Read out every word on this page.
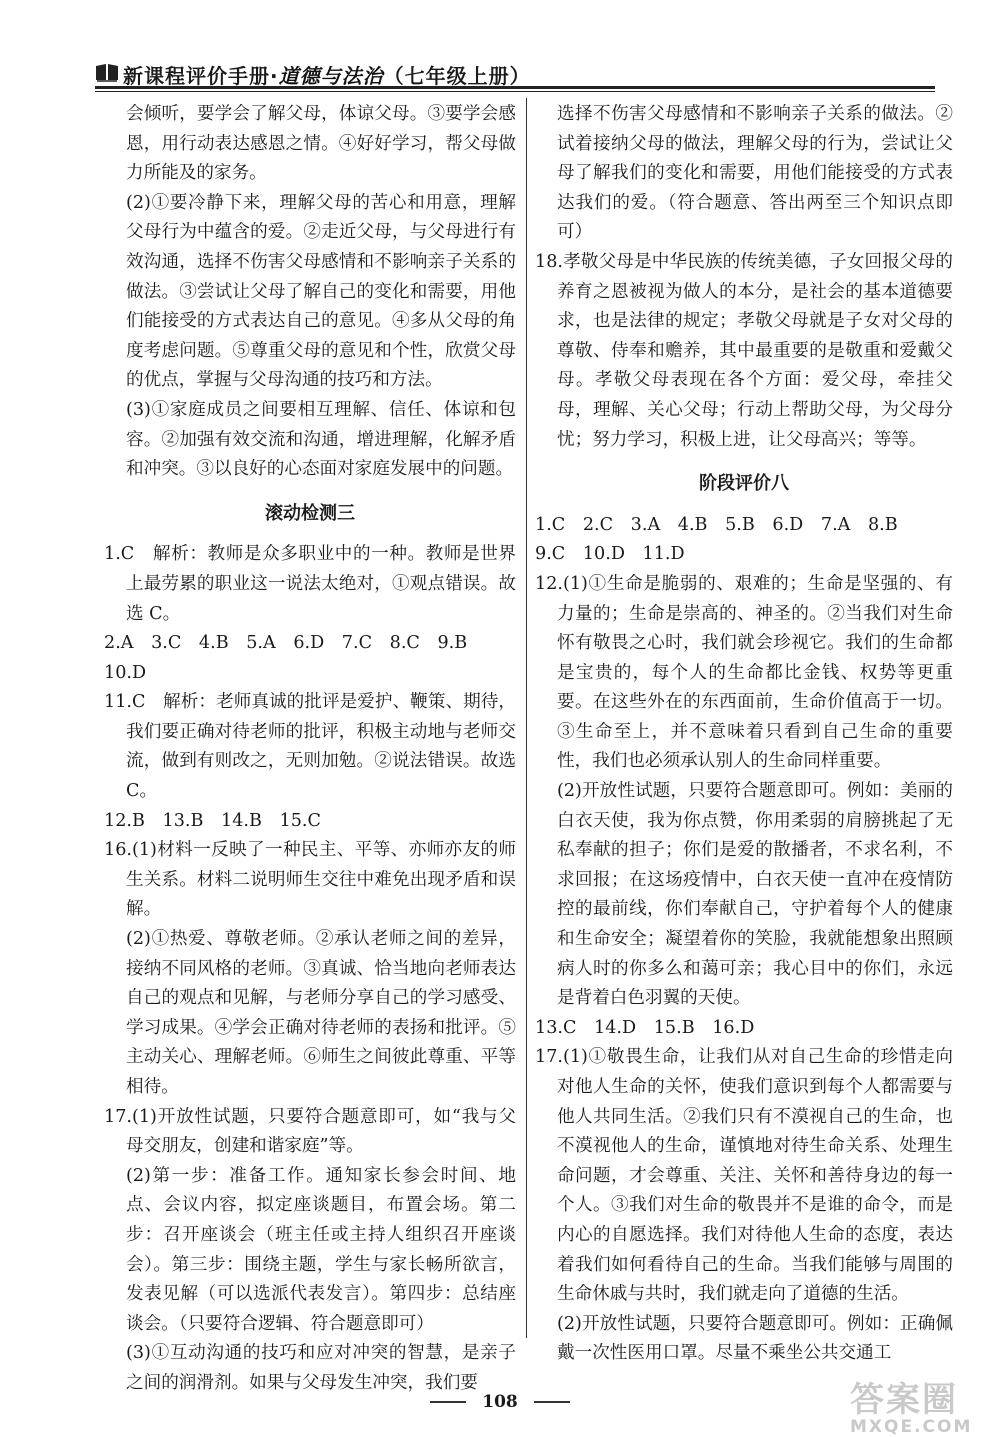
新课程评价手册·道德与法治（七年级上册）
会倾听，要学会了解父母，体谅父母。③要学会感恩，用行动表达感恩之情。④好好学习，帮父母做力所能及的家务。
(2)①要冷静下来，理解父母的苦心和用意，理解父母行为中蕴含的爱。②走近父母，与父母进行有效沟通，选择不伤害父母感情和不影响亲子关系的做法。③尝试让父母了解自己的变化和需要，用他们能接受的方式表达自己的意见。④多从父母的角度考虑问题。⑤尊重父母的意见和个性，欣赏父母的优点，掌握与父母沟通的技巧和方法。
(3)①家庭成员之间要相互理解、信任、体谅和包容。②加强有效交流和沟通，增进理解，化解矛盾和冲突。③以良好的心态面对家庭发展中的问题。
滚动检测三
1.C　解析：教师是众多职业中的一种。教师是世界上最劳累的职业这一说法太绝对，①观点错误。故选 C。
2.A　3.C　4.B　5.A　6.D　7.C　8.C　9.B
10.D
11.C　解析：老师真诚的批评是爱护、鞭策、期待，我们要正确对待老师的批评，积极主动地与老师交流，做到有则改之，无则加勉。②说法错误。故选 C。
12.B　13.B　14.B　15.C
16.(1)材料一反映了一种民主、平等、亦师亦友的师生关系。材料二说明师生交往中难免出现矛盾和误解。
(2)①热爱、尊敬老师。②承认老师之间的差异，接纳不同风格的老师。③真诚、恰当地向老师表达自己的观点和见解，与老师分享自己的学习感受、学习成果。④学会正确对待老师的表扬和批评。⑤主动关心、理解老师。⑥师生之间彼此尊重、平等相待。
17.(1)开放性试题，只要符合题意即可，如“我与父母交朋友，创建和谐家庭”等。
(2)第一步：准备工作。通知家长参会时间、地点、会议内容，拟定座谈题目，布置会场。第二步：召开座谈会（班主任或主持人组织召开座谈会）。第三步：围绕主题，学生与家长畅所欲言，发表见解（可以选派代表发言）。第四步：总结座谈会。（只要符合逻辑、符合题意即可）
(3)①互动沟通的技巧和应对冲突的智慧，是亲子之间的润滑剂。如果与父母发生冲突，我们要
选择不伤害父母感情和不影响亲子关系的做法。②试着接纳父母的做法，理解父母的行为，尝试让父母了解我们的变化和需要，用他们能接受的方式表达我们的爱。（符合题意、答出两至三个知识点即可）
18.孝敬父母是中华民族的传统美德，子女回报父母的养育之恩被视为做人的本分，是社会的基本道德要求，也是法律的规定；孝敬父母就是子女对父母的尊敬、侍奉和赡养，其中最重要的是敬重和爱戴父母。孝敬父母表现在各个方面：爱父母，牵挂父母，理解、关心父母；行动上帮助父母，为父母分忧；努力学习，积极上进，让父母高兴；等等。
阶段评价八
1.C　2.C　3.A　4.B　5.B　6.D　7.A　8.B
9.C　10.D　11.D
12.(1)①生命是脆弱的、艰难的；生命是坚强的、有力量的；生命是崇高的、神圣的。②当我们对生命怀有敬畏之心时，我们就会珍视它。我们的生命都是宝贵的，每个人的生命都比金钱、权势等更重要。在这些外在的东西面前，生命价值高于一切。③生命至上，并不意味着只看到自己生命的重要性，我们也必须承认别人的生命同样重要。
(2)开放性试题，只要符合题意即可。例如：美丽的白衣天使，我为你点赞，你用柔弱的肩膀挑起了无私奉献的担子；你们是爱的散播者，不求名利，不求回报；在这场疫情中，白衣天使一直冲在疫情防控的最前线，你们奉献自己，守护着每个人的健康和生命安全；凝望着你的笑脸，我就能想象出照顾病人时的你多么和蔼可亲；我心目中的你们，永远是背着白色羽翼的天使。
13.C　14.D　15.B　16.D
17.(1)①敬畏生命，让我们从对自己生命的珍惜走向对他人生命的关怀，使我们意识到每个人都需要与他人共同生活。②我们只有不漠视自己的生命，也不漠视他人的生命，谨慎地对待生命关系、处理生命问题，才会尊重、关注、关怀和善待身边的每一个人。③我们对生命的敬畏并不是谁的命令，而是内心的自愿选择。我们对待他人生命的态度，表达着我们如何看待自己的生命。当我们能够与周围的生命休戚与共时，我们就走向了道德的生活。
(2)开放性试题，只要符合题意即可。例如：正确佩戴一次性医用口罩。尽量不乘坐公共交通工
108	答案圈
MXQE.COM
